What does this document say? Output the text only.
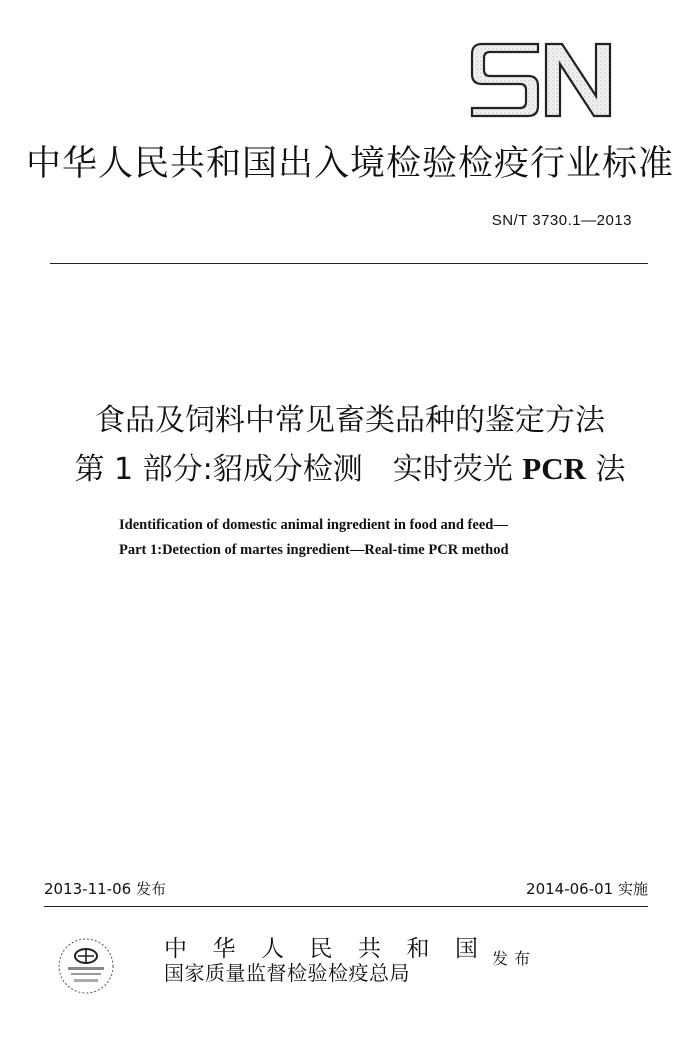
中华人民共和国出入境检验检疫行业标准
SN/T 3730.1—2013
食品及饲料中常见畜类品种的鉴定方法
第 1 部分:貂成分检测　实时荧光 PCR 法
Identification of domestic animal ingredient in food and feed—
Part 1:Detection of martes ingredient—Real-time PCR method
2013-11-06 发布	2014-06-01 实施
中 华 人 民 共 和 国
国家质量监督检验检疫总局
发布
